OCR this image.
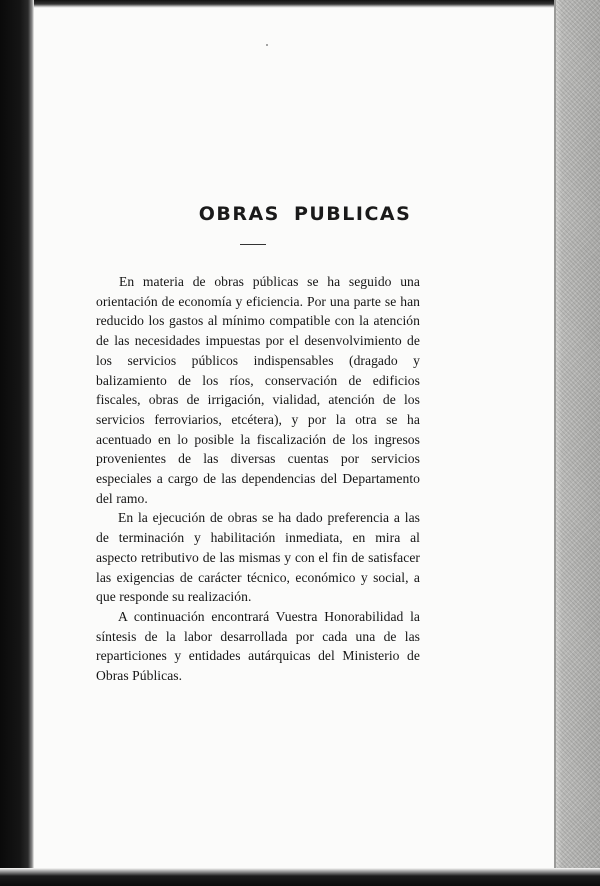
OBRAS PUBLICAS

En materia de obras públicas se ha seguido una orientación de economía y eficiencia. Por una parte se han reducido los gastos al mínimo compatible con la atención de las necesidades impuestas por el desenvolvimiento de los servicios públicos indispensables (dragado y balizamiento de los ríos, conservación de edificios fiscales, obras de irrigación, vialidad, atención de los servicios ferroviarios, etcétera), y por la otra se ha acentuado en lo posible la fiscalización de los ingresos provenientes de las diversas cuentas por servicios especiales a cargo de las dependencias del Departamento del ramo.

En la ejecución de obras se ha dado preferencia a las de terminación y habilitación inmediata, en mira al aspecto retributivo de las mismas y con el fin de satisfacer las exigencias de carácter técnico, económico y social, a que responde su realización.

A continuación encontrará Vuestra Honorabilidad la síntesis de la labor desarrollada por cada una de las reparticiones y entidades autárquicas del Ministerio de Obras Públicas.
